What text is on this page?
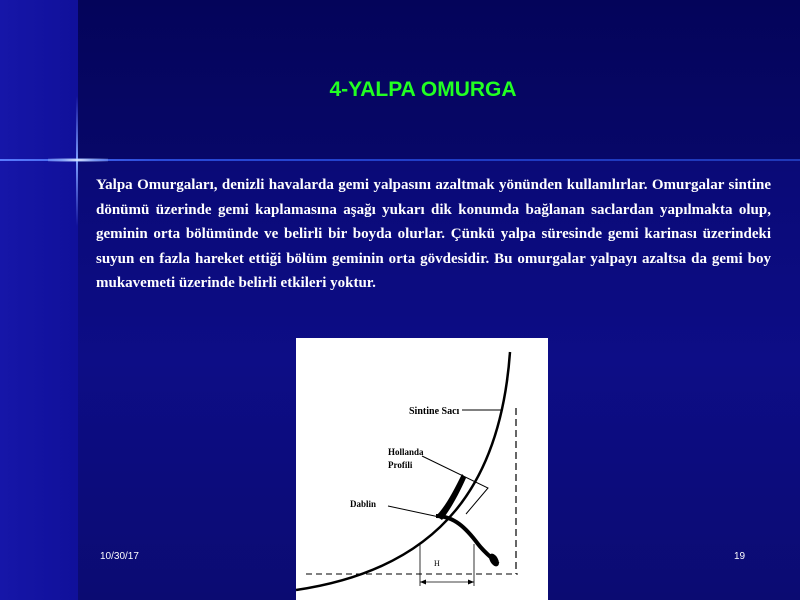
4-YALPA OMURGA
Yalpa Omurgaları, denizli havalarda gemi yalpasını azaltmak yönünden kullanılırlar. Omurgalar sintine dönümü üzerinde gemi kaplamasına aşağı yukarı dik konumda bağlanan saclardan yapılmakta olup, geminin orta bölümünde ve belirli bir boyda olurlar. Çünkü yalpa süresinde gemi karinası üzerindeki suyun en fazla hareket ettiği bölüm geminin orta gövdesidir. Bu omurgalar yalpayı azaltsa da gemi boy mukavemeti üzerinde belirli etkileri yoktur.
Sintine Sacı
Hollanda
Profili
Dablin
H
10/30/17	19
